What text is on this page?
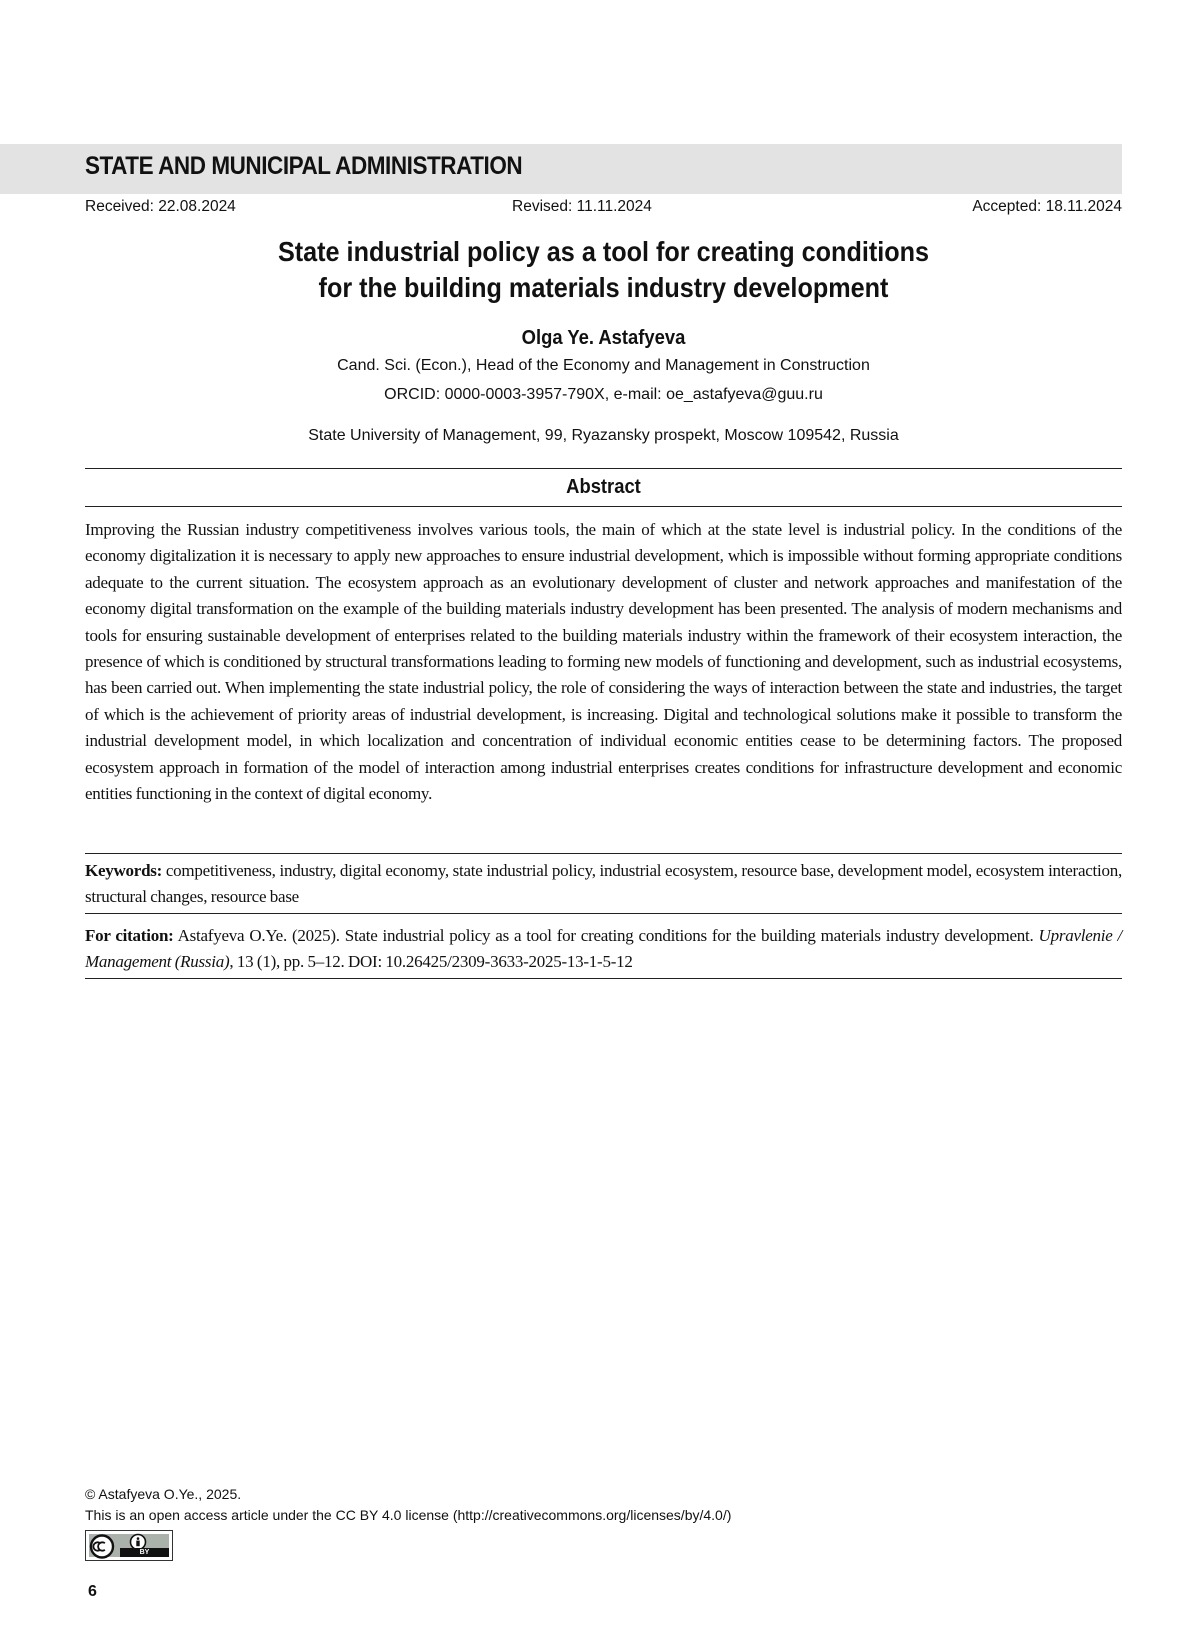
STATE AND MUNICIPAL ADMINISTRATION
Received: 22.08.2024	Revised: 11.11.2024	Accepted: 18.11.2024
State industrial policy as a tool for creating conditions
for the building materials industry development
Olga Ye. Astafyeva
Cand. Sci. (Econ.), Head of the Economy and Management in Construction
ORCID: 0000-0003-3957-790X, e-mail: oe_astafyeva@guu.ru
State University of Management, 99, Ryazansky prospekt, Moscow 109542, Russia
Abstract
Improving the Russian industry competitiveness involves various tools, the main of which at the state level is industrial policy. In the conditions of the economy digitalization it is necessary to apply new approaches to ensure industrial development, which is impossible without forming appropriate conditions adequate to the current situation. The ecosystem approach as an evolutionary development of cluster and network approaches and manifestation of the economy digital transformation on the example of the building materials industry development has been presented. The analysis of modern mechanisms and tools for ensuring sustainable development of enterprises related to the building materials industry within the framework of their ecosystem interaction, the presence of which is conditioned by structural transformations leading to forming new models of functioning and development, such as industrial ecosystems, has been carried out. When implementing the state industrial policy, the role of considering the ways of interaction between the state and industries, the target of which is the achievement of priority areas of industrial development, is increasing. Digital and technological solutions make it possible to transform the industrial development model, in which localization and concentration of individual economic entities cease to be determining factors. The proposed ecosystem approach in formation of the model of interaction among industrial enterprises creates conditions for infrastructure development and economic entities functioning in the context of digital economy.
Keywords: competitiveness, industry, digital economy, state industrial policy, industrial ecosystem, resource base, development model, ecosystem interaction, structural changes, resource base
For citation: Astafyeva O.Ye. (2025). State industrial policy as a tool for creating conditions for the building materials industry development. Upravlenie / Management (Russia), 13 (1), pp. 5–12. DOI: 10.26425/2309-3633-2025-13-1-5-12
© Astafyeva O.Ye., 2025.
This is an open access article under the CC BY 4.0 license (http://creativecommons.org/licenses/by/4.0/)
BY
6
